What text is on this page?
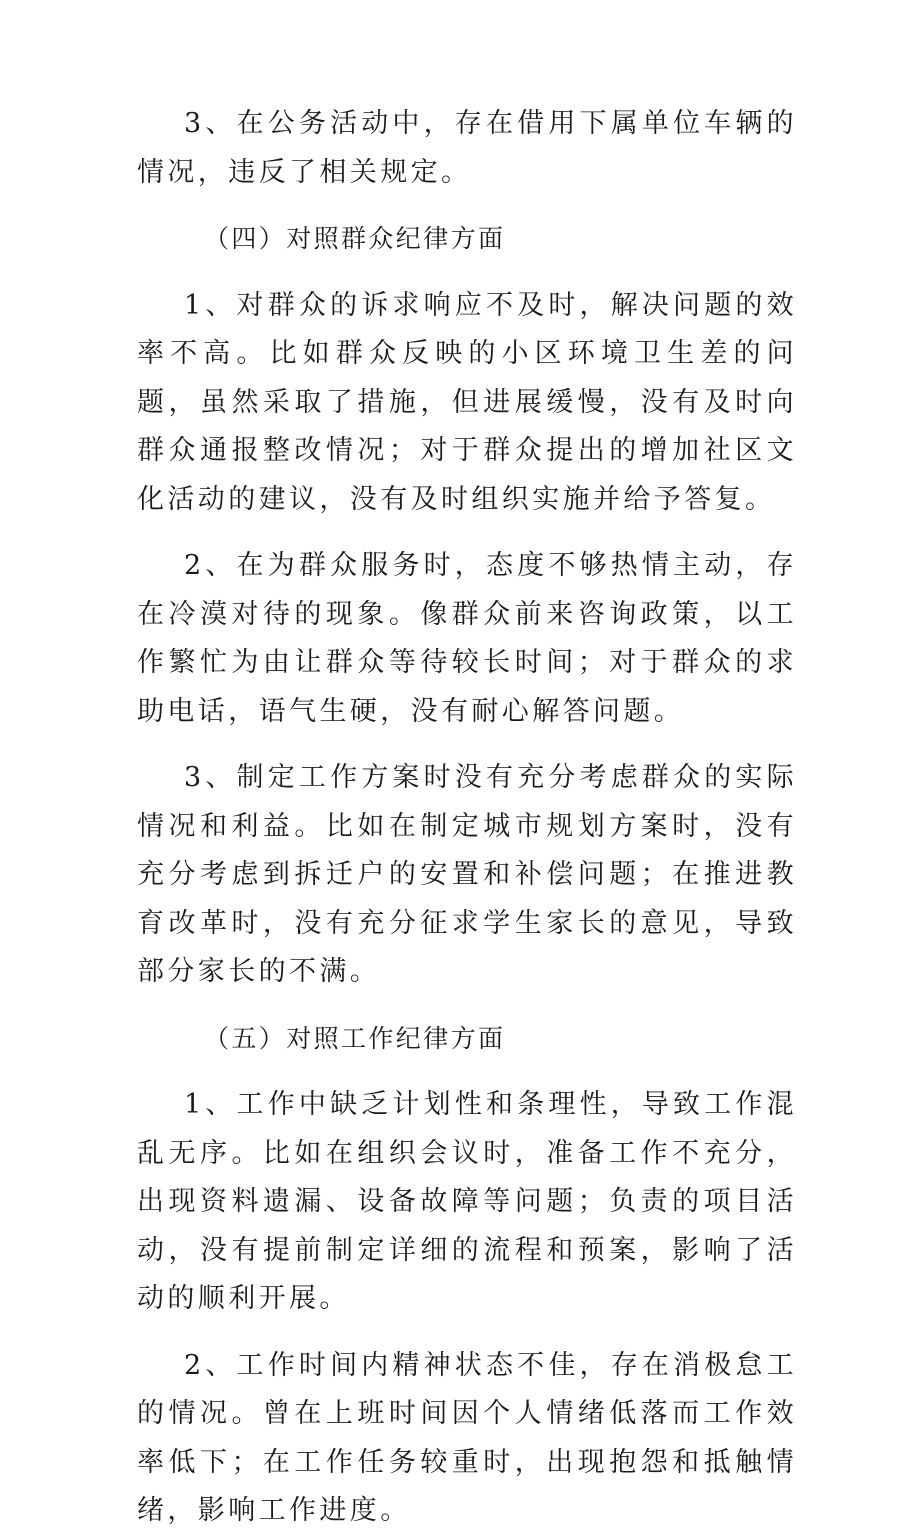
3、在公务活动中，存在借用下属单位车辆的情况，违反了相关规定。

（四）对照群众纪律方面

1、对群众的诉求响应不及时，解决问题的效率不高。比如群众反映的小区环境卫生差的问题，虽然采取了措施，但进展缓慢，没有及时向群众通报整改情况；对于群众提出的增加社区文化活动的建议，没有及时组织实施并给予答复。

2、在为群众服务时，态度不够热情主动，存在冷漠对待的现象。像群众前来咨询政策，以工作繁忙为由让群众等待较长时间；对于群众的求助电话，语气生硬，没有耐心解答问题。

3、制定工作方案时没有充分考虑群众的实际情况和利益。比如在制定城市规划方案时，没有充分考虑到拆迁户的安置和补偿问题；在推进教育改革时，没有充分征求学生家长的意见，导致部分家长的不满。

（五）对照工作纪律方面

1、工作中缺乏计划性和条理性，导致工作混乱无序。比如在组织会议时，准备工作不充分，出现资料遗漏、设备故障等问题；负责的项目活动，没有提前制定详细的流程和预案，影响了活动的顺利开展。

2、工作时间内精神状态不佳，存在消极怠工的情况。曾在上班时间因个人情绪低落而工作效率低下；在工作任务较重时，出现抱怨和抵触情绪，影响工作进度。
